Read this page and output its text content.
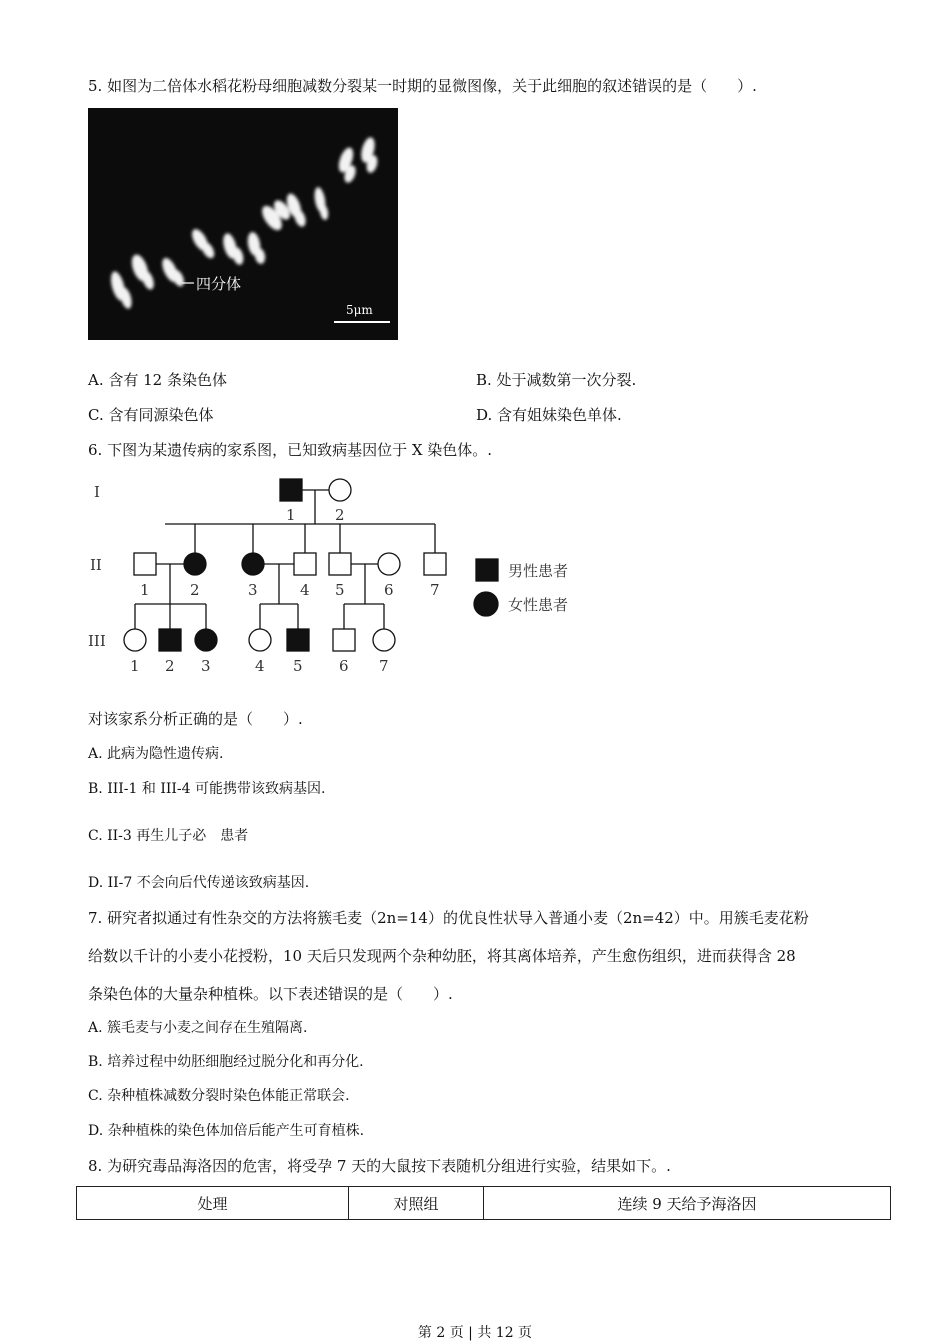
5. 如图为二倍体水稻花粉母细胞减数分裂某一时期的显微图像，关于此细胞的叙述错误的是（　　）.
四分体
5μm
A. 含有 12 条染色体	B. 处于减数第一次分裂.
C. 含有同源染色体	D. 含有姐妹染色单体.
6. 下图为某遗传病的家系图，已知致病基因位于 X 染色体。.
I
II
III
1	2
1	2	3	4 5	6 7
1 2 3	4 5 6 7
男性患者
女性患者
对该家系分析正确的是（　　）.
A. 此病为隐性遗传病.
B. III-1 和 III-4 可能携带该致病基因.
C. II-3 再生儿子必　患者
D. II-7 不会向后代传递该致病基因.
7. 研究者拟通过有性杂交的方法将簇毛麦（2n=14）的优良性状导入普通小麦（2n=42）中。用簇毛麦花粉
给数以千计的小麦小花授粉，10 天后只发现两个杂种幼胚，将其离体培养，产生愈伤组织，进而获得含 28
条染色体的大量杂种植株。以下表述错误的是（　　）.
A. 簇毛麦与小麦之间存在生殖隔离.
B. 培养过程中幼胚细胞经过脱分化和再分化.
C. 杂种植株减数分裂时染色体能正常联会.
D. 杂种植株的染色体加倍后能产生可育植株.
8. 为研究毒品海洛因的危害，将受孕 7 天的大鼠按下表随机分组进行实验，结果如下。.
处理	对照组	连续 9 天给予海洛因
第 2 页 | 共 12 页
